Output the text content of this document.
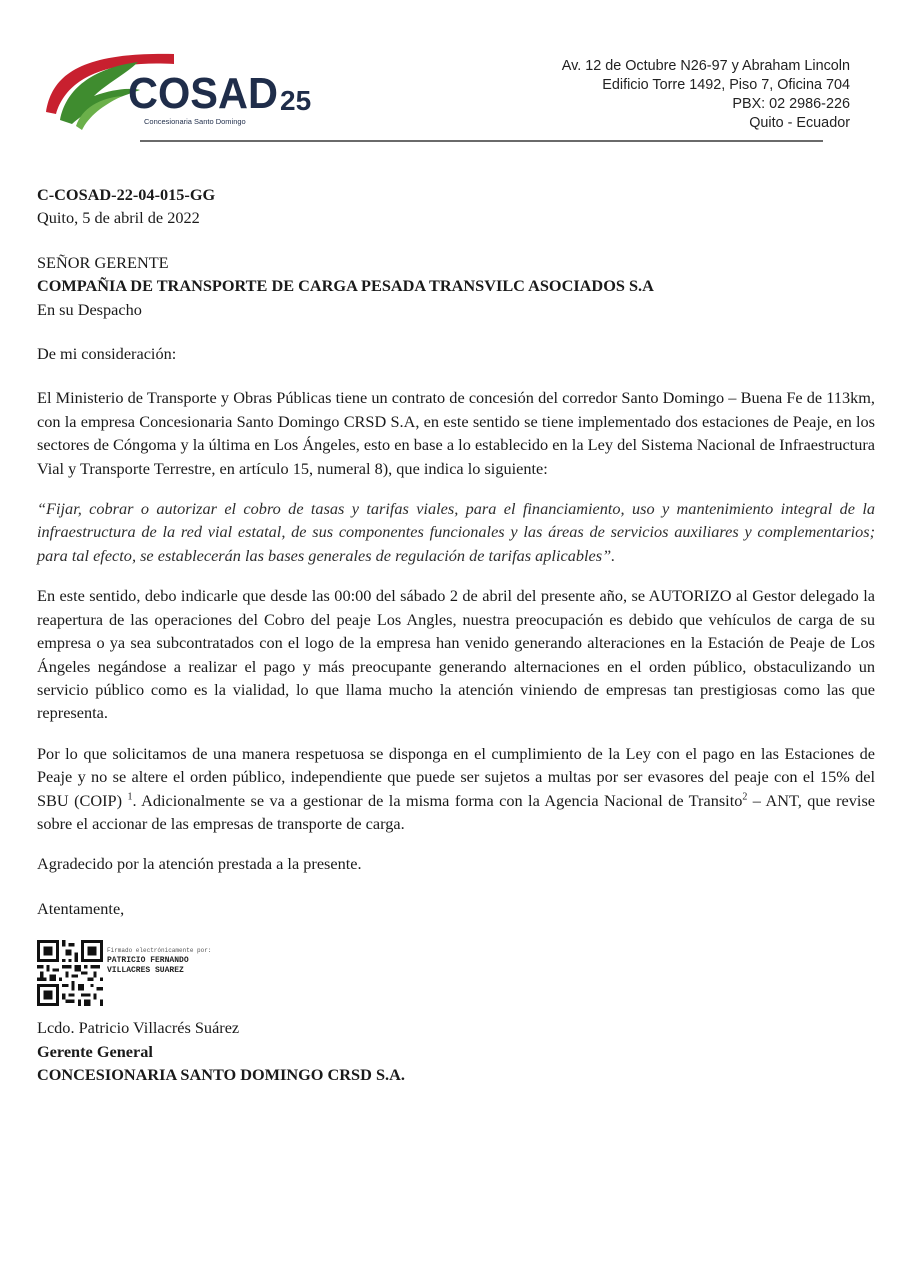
COSAD 25
Concesionaria Santo Domingo
Av. 12 de Octubre N26-97 y Abraham Lincoln
Edificio Torre 1492, Piso 7, Oficina 704
PBX: 02 2986-226
Quito - Ecuador

C-COSAD-22-04-015-GG

Quito, 5 de abril de 2022

SEÑOR GERENTE

COMPAÑIA DE TRANSPORTE DE CARGA PESADA TRANSVILC ASOCIADOS S.A

En su Despacho

De mi consideración:

El Ministerio de Transporte y Obras Públicas tiene un contrato de concesión del corredor Santo Domingo – Buena Fe de 113km, con la empresa Concesionaria Santo Domingo CRSD S.A, en este sentido se tiene implementado dos estaciones de Peaje, en los sectores de Cóngoma y la última en Los Ángeles, esto en base a lo establecido en la Ley del Sistema Nacional de Infraestructura Vial y Transporte Terrestre, en artículo 15, numeral 8), que indica lo siguiente:

“Fijar, cobrar o autorizar el cobro de tasas y tarifas viales, para el financiamiento, uso y mantenimiento integral de la infraestructura de la red vial estatal, de sus componentes funcionales y las áreas de servicios auxiliares y complementarios; para tal efecto, se establecerán las bases generales de regulación de tarifas aplicables”.

En este sentido, debo indicarle que desde las 00:00 del sábado 2 de abril del presente año, se AUTORIZO al Gestor delegado la reapertura de las operaciones del Cobro del peaje Los Angles, nuestra preocupación es debido que vehículos de carga de su empresa o ya sea subcontratados con el logo de la empresa han venido generando alteraciones en la Estación de Peaje de Los Ángeles negándose a realizar el pago y más preocupante generando alternaciones en el orden público, obstaculizando un servicio público como es la vialidad, lo que llama mucho la atención viniendo de empresas tan prestigiosas como las que representa.

Por lo que solicitamos de una manera respetuosa se disponga en el cumplimiento de la Ley con el pago en las Estaciones de Peaje y no se altere el orden público, independiente que puede ser sujetos a multas por ser evasores del peaje con el 15% del SBU (COIP) $^1$. Adicionalmente se va a gestionar de la misma forma con la Agencia Nacional de Transito$^2$ – ANT, que revise sobre el accionar de las empresas de transporte de carga.

Agradecido por la atención prestada a la presente.

Atentamente,

Firmado electrónicamente por:
PATRICIO FERNANDO
VILLACRES SUAREZ

Lcdo. Patricio Villacrés Suárez

Gerente General

CONCESIONARIA SANTO DOMINGO CRSD S.A.
